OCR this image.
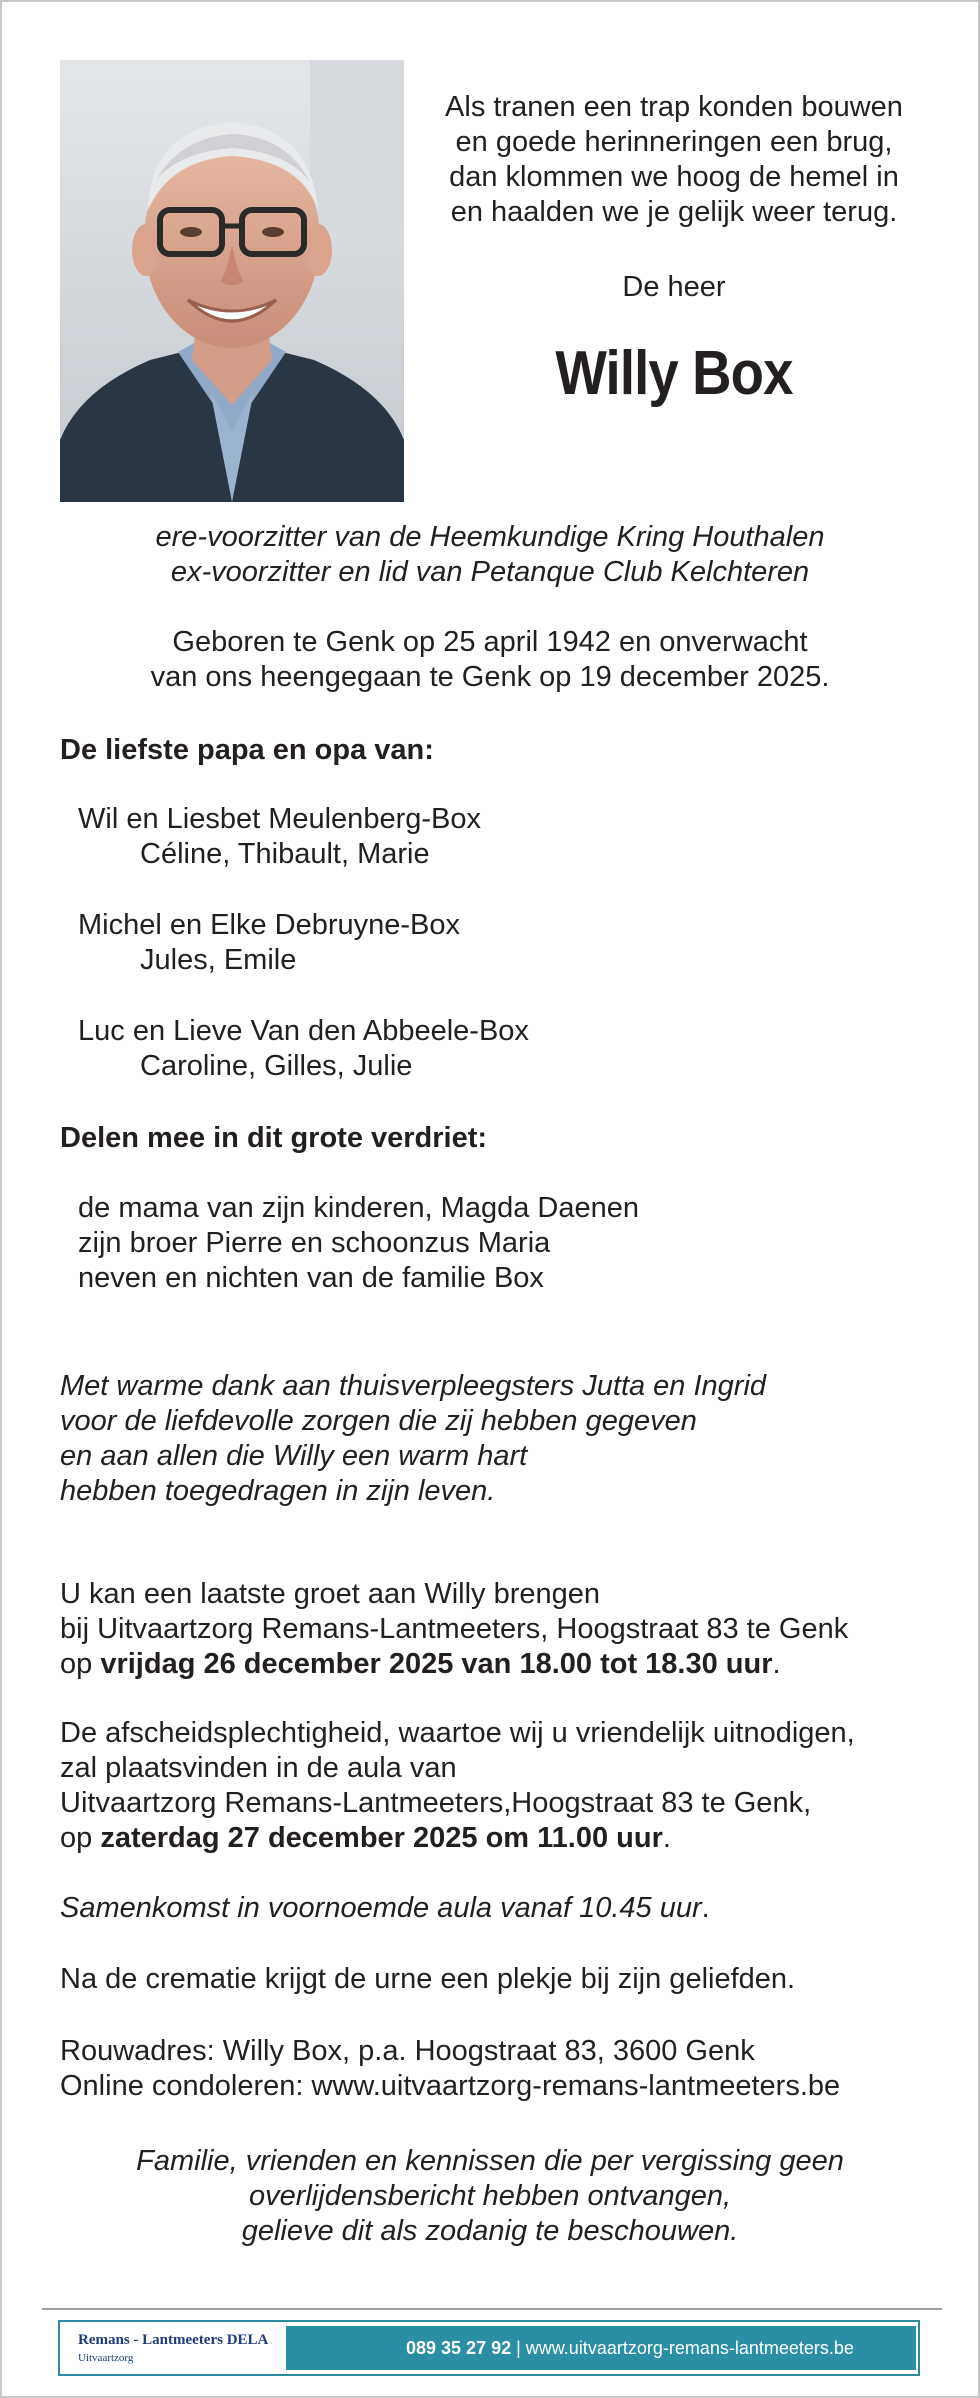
Als tranen een trap konden bouwen
en goede herinneringen een brug,
dan klommen we hoog de hemel in
en haalden we je gelijk weer terug.
De heer
Willy Box
ere-voorzitter van de Heemkundige Kring Houthalen
ex-voorzitter en lid van Petanque Club Kelchteren
Geboren te Genk op 25 april 1942 en onverwacht
van ons heengegaan te Genk op 19 december 2025.
De liefste papa en opa van:
Wil en Liesbet Meulenberg-Box
Céline, Thibault, Marie
Michel en Elke Debruyne-Box
Jules, Emile
Luc en Lieve Van den Abbeele-Box
Caroline, Gilles, Julie
Delen mee in dit grote verdriet:
de mama van zijn kinderen, Magda Daenen
zijn broer Pierre en schoonzus Maria
neven en nichten van de familie Box
Met warme dank aan thuisverpleegsters Jutta en Ingrid
voor de liefdevolle zorgen die zij hebben gegeven
en aan allen die Willy een warm hart
hebben toegedragen in zijn leven.
U kan een laatste groet aan Willy brengen
bij Uitvaartzorg Remans-Lantmeeters, Hoogstraat 83 te Genk
op vrijdag 26 december 2025 van 18.00 tot 18.30 uur.
De afscheidsplechtigheid, waartoe wij u vriendelijk uitnodigen,
zal plaatsvinden in de aula van
Uitvaartzorg Remans-Lantmeeters,Hoogstraat 83 te Genk,
op zaterdag 27 december 2025 om 11.00 uur.
Samenkomst in voornoemde aula vanaf 10.45 uur.
Na de crematie krijgt de urne een plekje bij zijn geliefden.
Rouwadres: Willy Box, p.a. Hoogstraat 83, 3600 Genk
Online condoleren: www.uitvaartzorg-remans-lantmeeters.be
Familie, vrienden en kennissen die per vergissing geen
overlijdensbericht hebben ontvangen,
gelieve dit als zodanig te beschouwen.
Remans - Lantmeeters DELA
Uitvaartzorg	089 35 27 92 | www.uitvaartzorg-remans-lantmeeters.be
